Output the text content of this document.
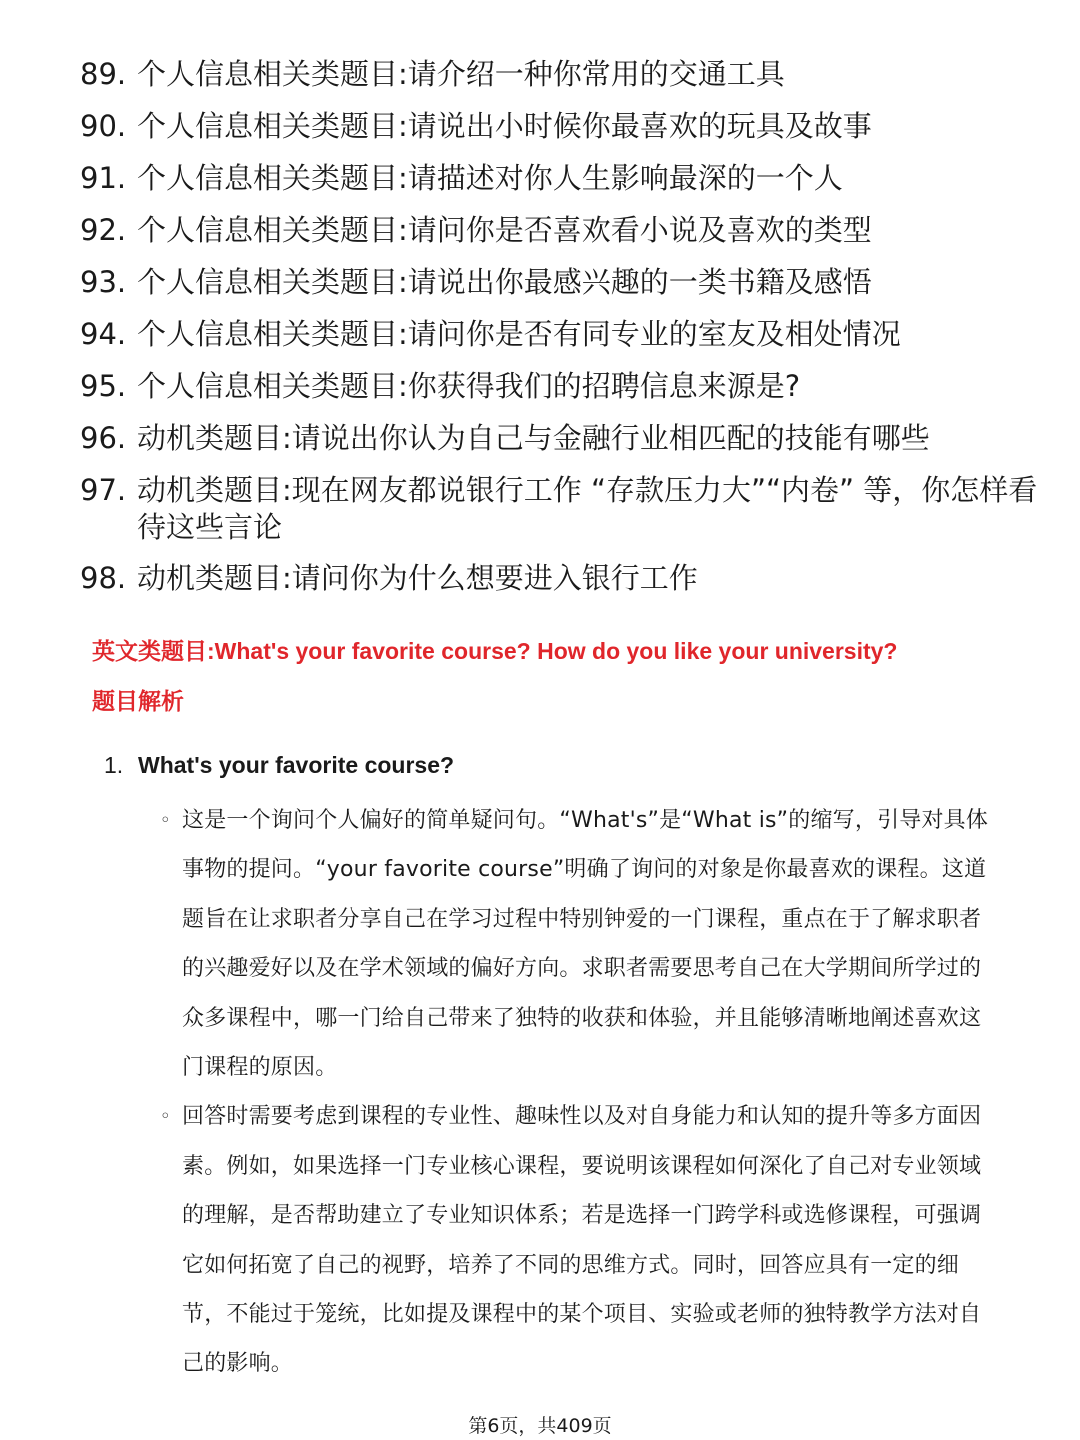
89. 个人信息相关类题目:请介绍一种你常用的交通工具
90. 个人信息相关类题目:请说出小时候你最喜欢的玩具及故事
91. 个人信息相关类题目:请描述对你人生影响最深的一个人
92. 个人信息相关类题目:请问你是否喜欢看小说及喜欢的类型
93. 个人信息相关类题目:请说出你最感兴趣的一类书籍及感悟
94. 个人信息相关类题目:请问你是否有同专业的室友及相处情况
95. 个人信息相关类题目:你获得我们的招聘信息来源是?
96. 动机类题目:请说出你认为自己与金融行业相匹配的技能有哪些
97. 动机类题目:现在网友都说银行工作 “存款压力大”“内卷” 等，你怎样看待这些言论
98. 动机类题目:请问你为什么想要进入银行工作
英文类题目:What's your favorite course? How do you like your university?
题目解析
1. What's your favorite course?
◦ 这是一个询问个人偏好的简单疑问句。“What's”是“What is”的缩写，引导对具体事物的提问。“your favorite course”明确了询问的对象是你最喜欢的课程。这道题旨在让求职者分享自己在学习过程中特别钟爱的一门课程，重点在于了解求职者的兴趣爱好以及在学术领域的偏好方向。求职者需要思考自己在大学期间所学过的众多课程中，哪一门给自己带来了独特的收获和体验，并且能够清晰地阐述喜欢这门课程的原因。
◦ 回答时需要考虑到课程的专业性、趣味性以及对自身能力和认知的提升等多方面因素。例如，如果选择一门专业核心课程，要说明该课程如何深化了自己对专业领域的理解，是否帮助建立了专业知识体系；若是选择一门跨学科或选修课程，可强调它如何拓宽了自己的视野，培养了不同的思维方式。同时，回答应具有一定的细节，不能过于笼统，比如提及课程中的某个项目、实验或老师的独特教学方法对自己的影响。
第6页，共409页
